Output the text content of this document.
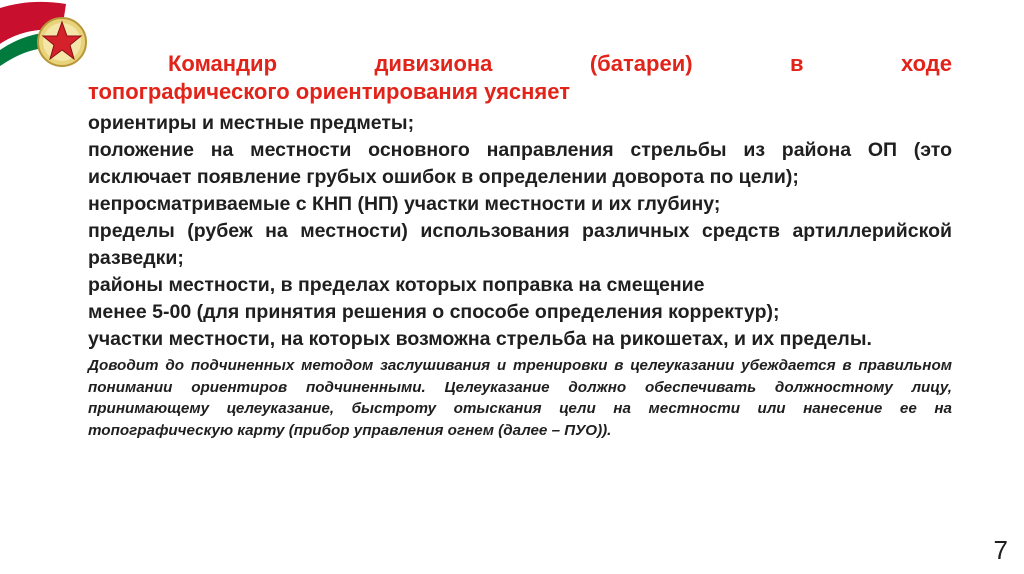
Командир	дивизиона	(батареи)	в	ходе
топографического ориентирования уясняет

ориентиры и местные предметы;

положение на местности основного направления стрельбы из района ОП (это исключает появление грубых ошибок в определении доворота по цели);

непросматриваемые с КНП (НП) участки местности и их глубину;

пределы (рубеж на местности) использования различных средств артиллерийской разведки;

районы местности, в пределах которых поправка на смещение

менее 5-00 (для принятия решения о способе определения корректур);

участки местности, на которых возможна стрельба на рикошетах, и их пределы.

Доводит до подчиненных методом заслушивания и тренировки в целеуказании убеждается в правильном понимании ориентиров подчиненными. Целеуказание должно обеспечивать должностному лицу, принимающему целеуказание, быстроту отыскания цели на местности или нанесение ее на топографическую карту (прибор управления огнем (далее – ПУО)).
7
